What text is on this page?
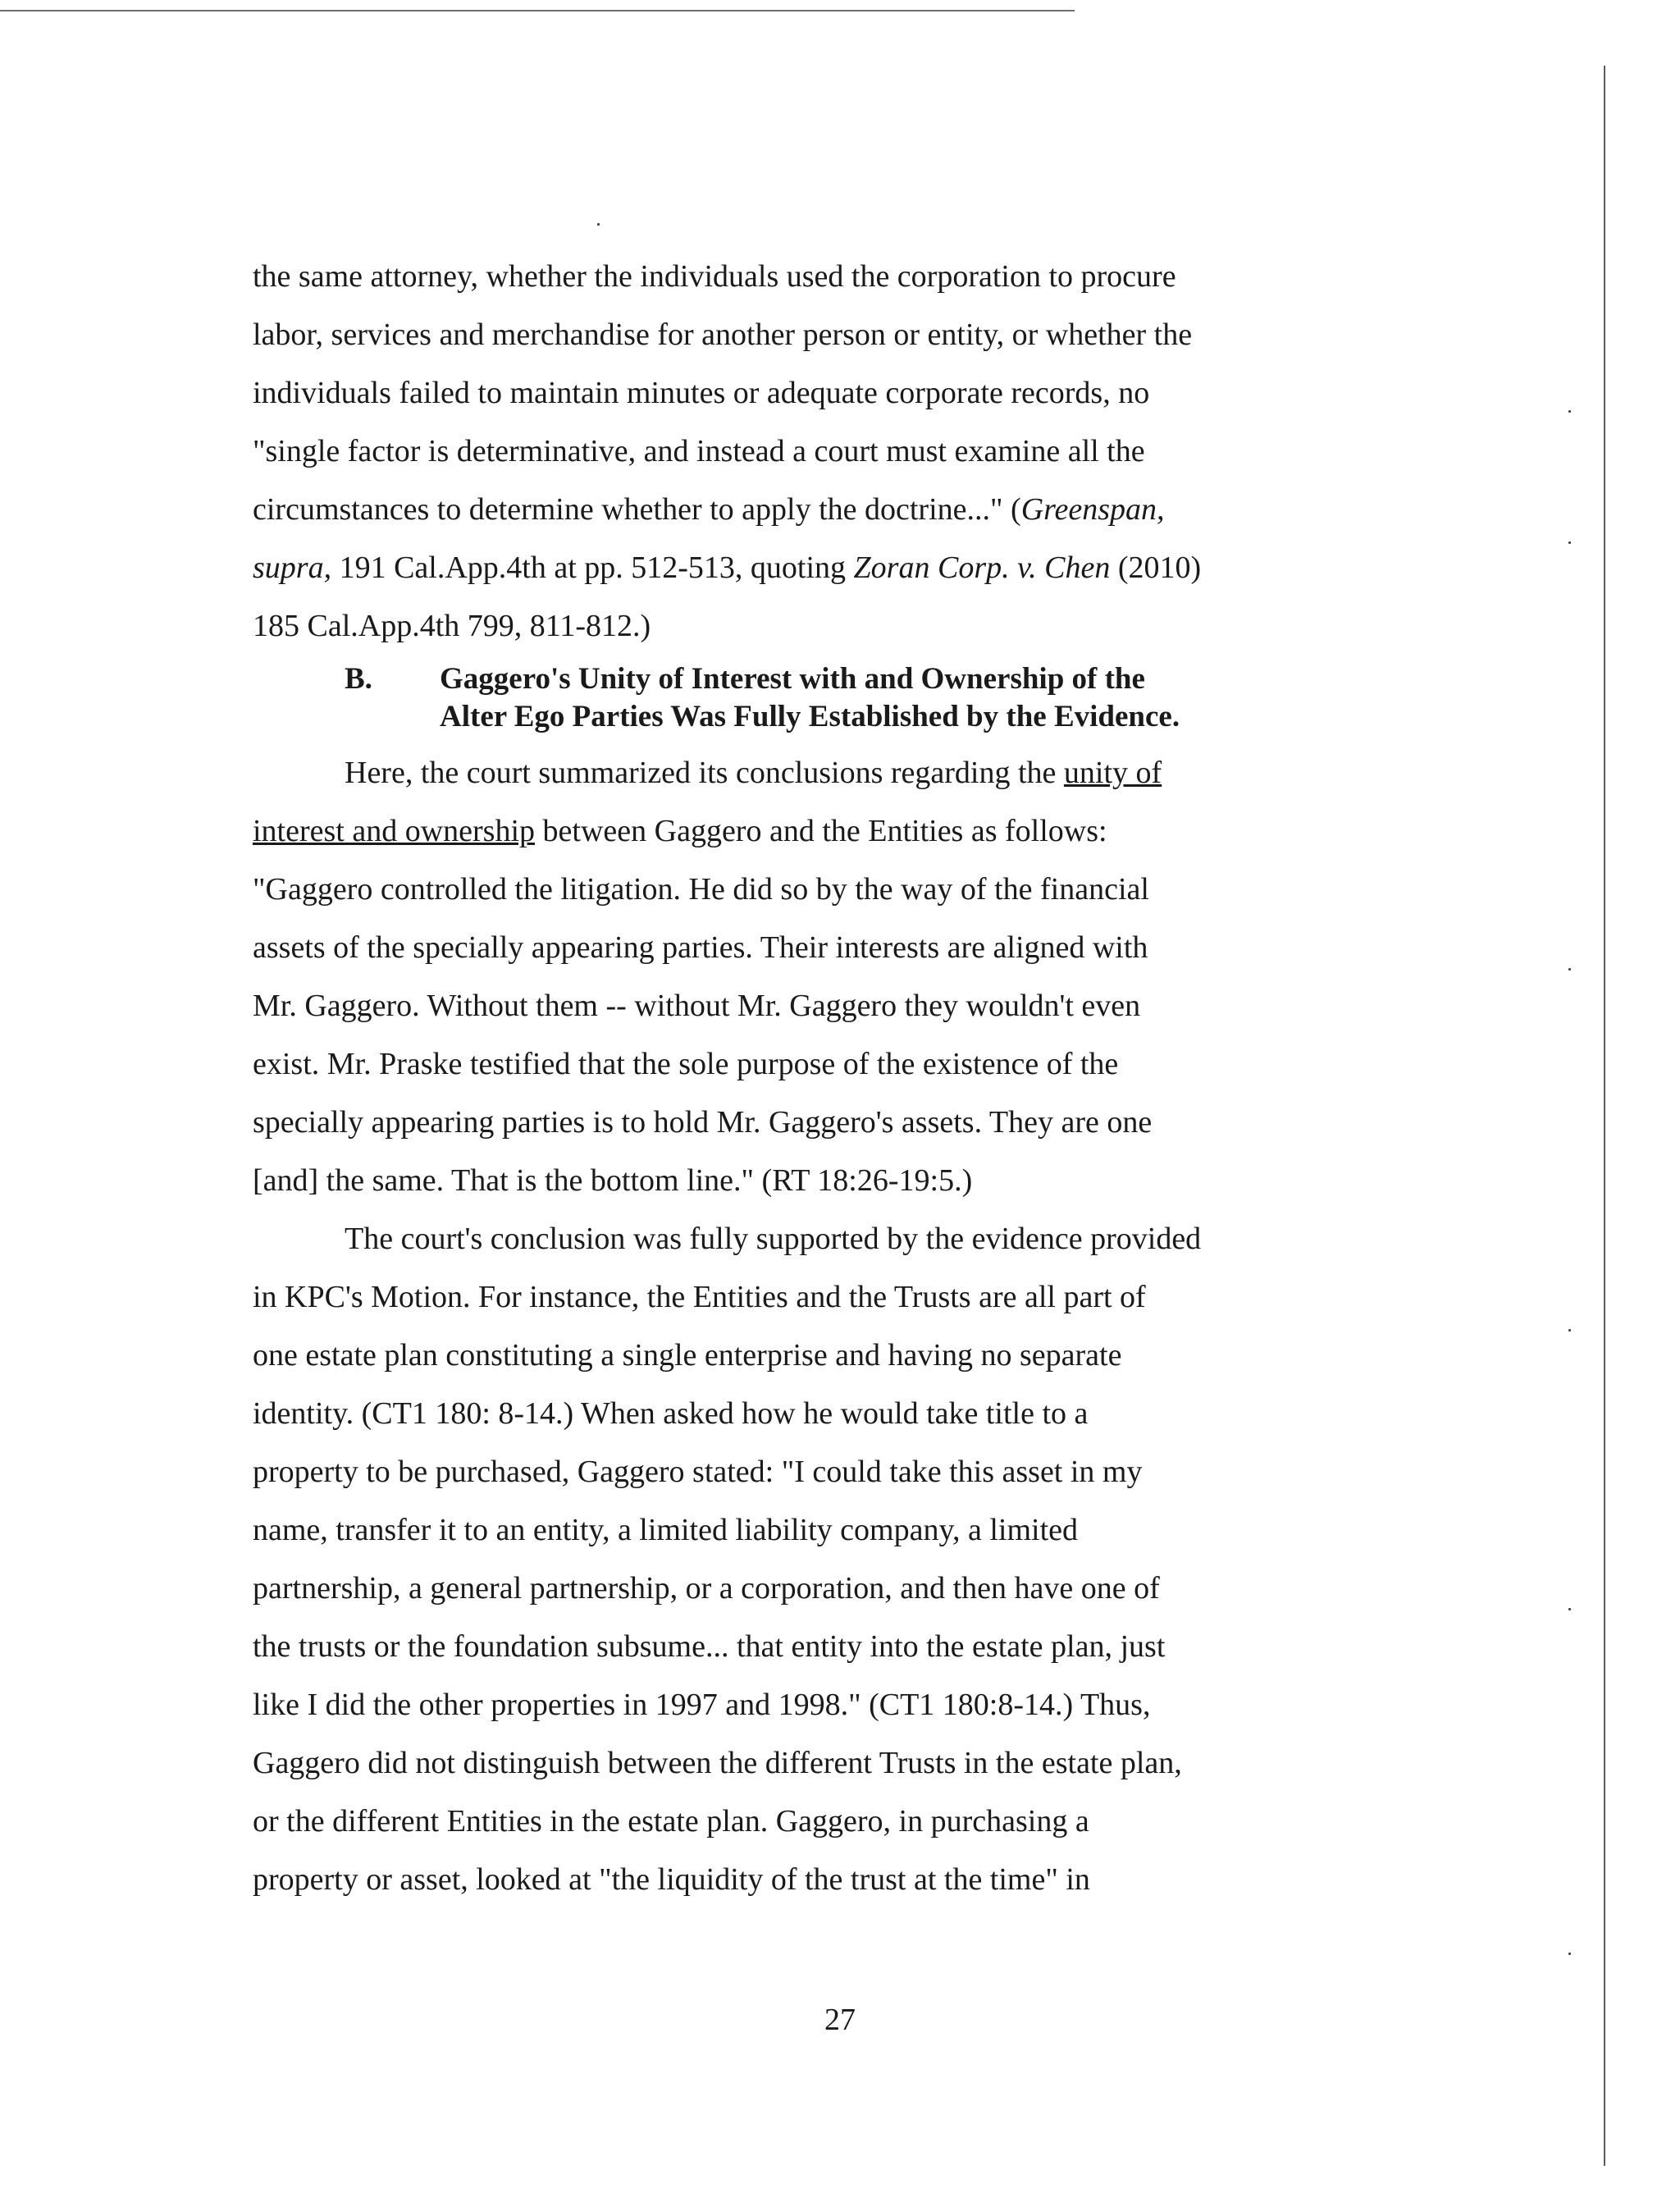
the same attorney, whether the individuals used the corporation to procure
labor, services and merchandise for another person or entity, or whether the
individuals failed to maintain minutes or adequate corporate records, no
"single factor is determinative, and instead a court must examine all the
circumstances to determine whether to apply the doctrine..." (Greenspan,
supra, 191 Cal.App.4th at pp. 512-513, quoting Zoran Corp. v. Chen (2010)
185 Cal.App.4th 799, 811-812.)
B. Gaggero's Unity of Interest with and Ownership of the
Alter Ego Parties Was Fully Established by the Evidence.
Here, the court summarized its conclusions regarding the unity of
interest and ownership between Gaggero and the Entities as follows:
"Gaggero controlled the litigation. He did so by the way of the financial
assets of the specially appearing parties. Their interests are aligned with
Mr. Gaggero. Without them -- without Mr. Gaggero they wouldn't even
exist. Mr. Praske testified that the sole purpose of the existence of the
specially appearing parties is to hold Mr. Gaggero's assets. They are one
[and] the same. That is the bottom line." (RT 18:26-19:5.)
The court's conclusion was fully supported by the evidence provided
in KPC's Motion. For instance, the Entities and the Trusts are all part of
one estate plan constituting a single enterprise and having no separate
identity. (CT1 180: 8-14.) When asked how he would take title to a
property to be purchased, Gaggero stated: "I could take this asset in my
name, transfer it to an entity, a limited liability company, a limited
partnership, a general partnership, or a corporation, and then have one of
the trusts or the foundation subsume... that entity into the estate plan, just
like I did the other properties in 1997 and 1998." (CT1 180:8-14.) Thus,
Gaggero did not distinguish between the different Trusts in the estate plan,
or the different Entities in the estate plan. Gaggero, in purchasing a
property or asset, looked at "the liquidity of the trust at the time" in
27
